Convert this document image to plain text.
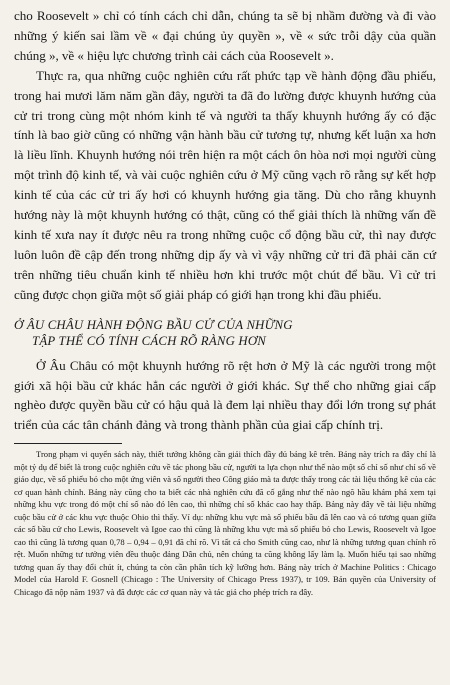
cho Roosevelt » chỉ có tính cách chỉ dẫn, chúng ta sẽ bị nhầm đường và đi vào những ý kiến sai lầm về « đại chúng ủy quyền », về « sức trỗi dậy của quần chúng », về « hiệu lực chương trình cải cách của Roosevelt ».

Thực ra, qua những cuộc nghiên cứu rất phức tạp về hành động đầu phiếu, trong hai mươi lăm năm gần đây, người ta đã đo lường được khuynh hướng của cử tri trong cùng một nhóm kinh tế và người ta thấy khuynh hướng ấy có đặc tính là bao giờ cũng có những vận hành bầu cử tương tự, nhưng kết luận xa hơn là liều lĩnh. Khuynh hướng nói trên hiện ra một cách ôn hòa nơi mọi người cùng một trình độ kinh tế, và vài cuộc nghiên cứu ở Mỹ cũng vạch rõ rằng sự kết hợp kinh tế của các cử tri ấy hơi có khuynh hướng gia tăng. Dù cho rằng khuynh hướng này là một khuynh hướng có thật, cũng có thể giải thích là những vấn đề kinh tế xưa nay ít được nêu ra trong những cuộc cổ động bầu cử, thì nay được luôn luôn đề cập đến trong những dịp ấy và vì vậy những cử tri đã phải căn cứ trên những tiêu chuẩn kinh tế nhiều hơn khi trước một chút để bầu. Vì cử tri cũng được chọn giữa một số giải pháp có giới hạn trong khi đầu phiếu.

Ở ÂU CHÂU HÀNH ĐỘNG BẦU CỬ CỦA NHỮNG
TẬP THỂ CÓ TÍNH CÁCH RÕ RÀNG HƠN

Ở Âu Châu có một khuynh hướng rõ rệt hơn ở Mỹ là các người trong một giới xã hội bầu cử khác hẳn các người ở giới khác. Sự thể cho những giai cấp nghèo được quyền bầu cử có hậu quả là đem lại nhiều thay đổi lớn trong sự phát triển của các tân chánh đảng và trong thành phần của giai cấp chính trị.

Trong phạm vi quyển sách này, thiết tưởng không cần giải thích đầy đủ bảng kê trên. Bảng này trích ra đây chỉ là một tỷ dụ để biết là trong cuộc nghiên cứu về tác phong bầu cử, người ta lựa chọn như thế nào một số chỉ số như chỉ số về giáo dục, về số phiếu bỏ cho một ứng viên và số người theo Công giáo mà ta được thấy trong các tài liệu thống kê của các cơ quan hành chính. Bảng này cũng cho ta biết các nhà nghiên cứu đã cố gắng như thế nào ngõ hầu khám phá xem tại những khu vực trong đó một chỉ số nào đó lên cao, thì những chỉ số khác cao hay thấp. Bảng này đây về tài liệu những cuộc bầu cử ở các khu vực thuộc Ohio thì thấy. Ví dụ: những khu vực mà số phiếu bầu đã lên cao và có tương quan giữa các số bầu cử cho Lewis, Roosevelt và Igoe cao thì cũng là những khu vực mà số phiếu bỏ cho Lewis, Roosevelt và Igoe cao thì cũng là tương quan 0,78 – 0,94 – 0,91 đã chỉ rõ. Vì tất cả cho Smith cũng cao, như là những tương quan chính rõ rệt. Muốn những tư tưởng viên đều thuộc đảng Dân chủ, nên chúng ta cũng không lấy làm lạ. Muốn hiểu tại sao những tương quan ấy thay đổi chút ít, chúng ta còn cần phân tích kỹ lưỡng hơn. Bảng này trích ở Machine Politics : Chicago Model của Harold F. Gosnell (Chicago : The University of Chicago Press 1937), tr 109. Bản quyền của University of Chicago đã nộp năm 1937 và đã được các cơ quan này và tác giả cho phép trích ra đây.
